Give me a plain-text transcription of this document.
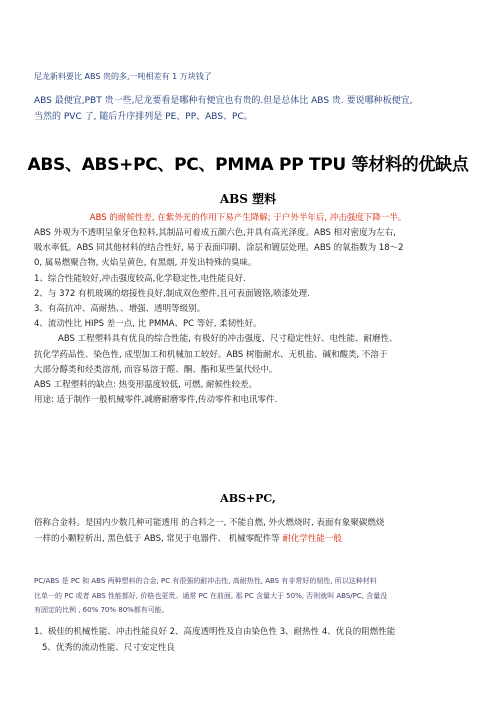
尼龙新料要比 ABS 贵的多,一吨相差有 1 万块钱了
ABS 最便宜,PBT 贵一些,尼龙要看是哪种有便宜也有贵的.但是总体比 ABS 贵. 要说哪种板便宜,
当然的 PVC 了, 随后升序排列是 PE、PP、ABS、PC。
ABS、ABS+PC、PC、PMMA PP TPU 等材料的优缺点
ABS 塑料
ABS 的耐候性差, 在紫外光的作用下易产生降解; 于户外半年后, 冲击强度下降一半。

ABS 外观为不透明呈象牙色粒料,其制品可着成五颜六色,并具有高光泽度。ABS 相对密度为左右,

吸水率低。ABS 同其他材料的结合性好, 易于表面印刷、涂层和镀层处理。ABS 的氧指数为 18～2

0, 属易燃聚合物, 火焰呈黄色, 有黑烟, 并发出特殊的臭味。

1、综合性能较好,冲击强度较高,化学稳定性,电性能良好.

2、与 372 有机玻璃的熔接性良好,制成双色塑件,且可表面镀铬,喷漆处理.

3、有高抗冲、高耐热、、增强、透明等级别。

4、流动性比 HIPS 差一点, 比 PMMA、PC 等好, 柔韧性好。

ABS 工程塑料具有优良的综合性能, 有极好的冲击强度、尺寸稳定性好、电性能、耐磨性、

抗化学药品性、染色性, 成型加工和机械加工较好。ABS 树脂耐水、无机盐、碱和酸类, 不溶于

大部分醇类和烃类溶剂, 而容易溶于醛、酮、酯和某些氯代烃中。

ABS 工程塑料的缺点: 热变形温度较低, 可燃, 耐候性较差。

用途: 适于制作一般机械零件,减磨耐磨零件,传动零件和电讯零件.

ABS+PC,
俗称合金料。是国内少数几种可能透用 的合料之一, 不能自燃, 外火燃烧时, 表面有象聚碳燃烧
一样的小颗粒析出, 黑色低于 ABS, 常见于电器件、 机械零配件等 耐化学性能一般
PC/ABS 是 PC 和 ABS 两种塑料的合金, PC 有很强的耐冲击性, 高耐热性, ABS 有非常好的韧性, 所以这种材料
比单一的 PC 或者 ABS 性能都好, 价格也更贵。通常 PC 在前面, 那 PC 含量大于 50%, 否则就叫 ABS/PC, 含量没
有固定的比例 , 60% 70% 80%都有可能。
1、极佳的机械性能、冲击性能良好 2、高度透明性及自由染色性 3、耐热性 4、优良的阻燃性能
5、优秀的流动性能、尺寸安定性良
